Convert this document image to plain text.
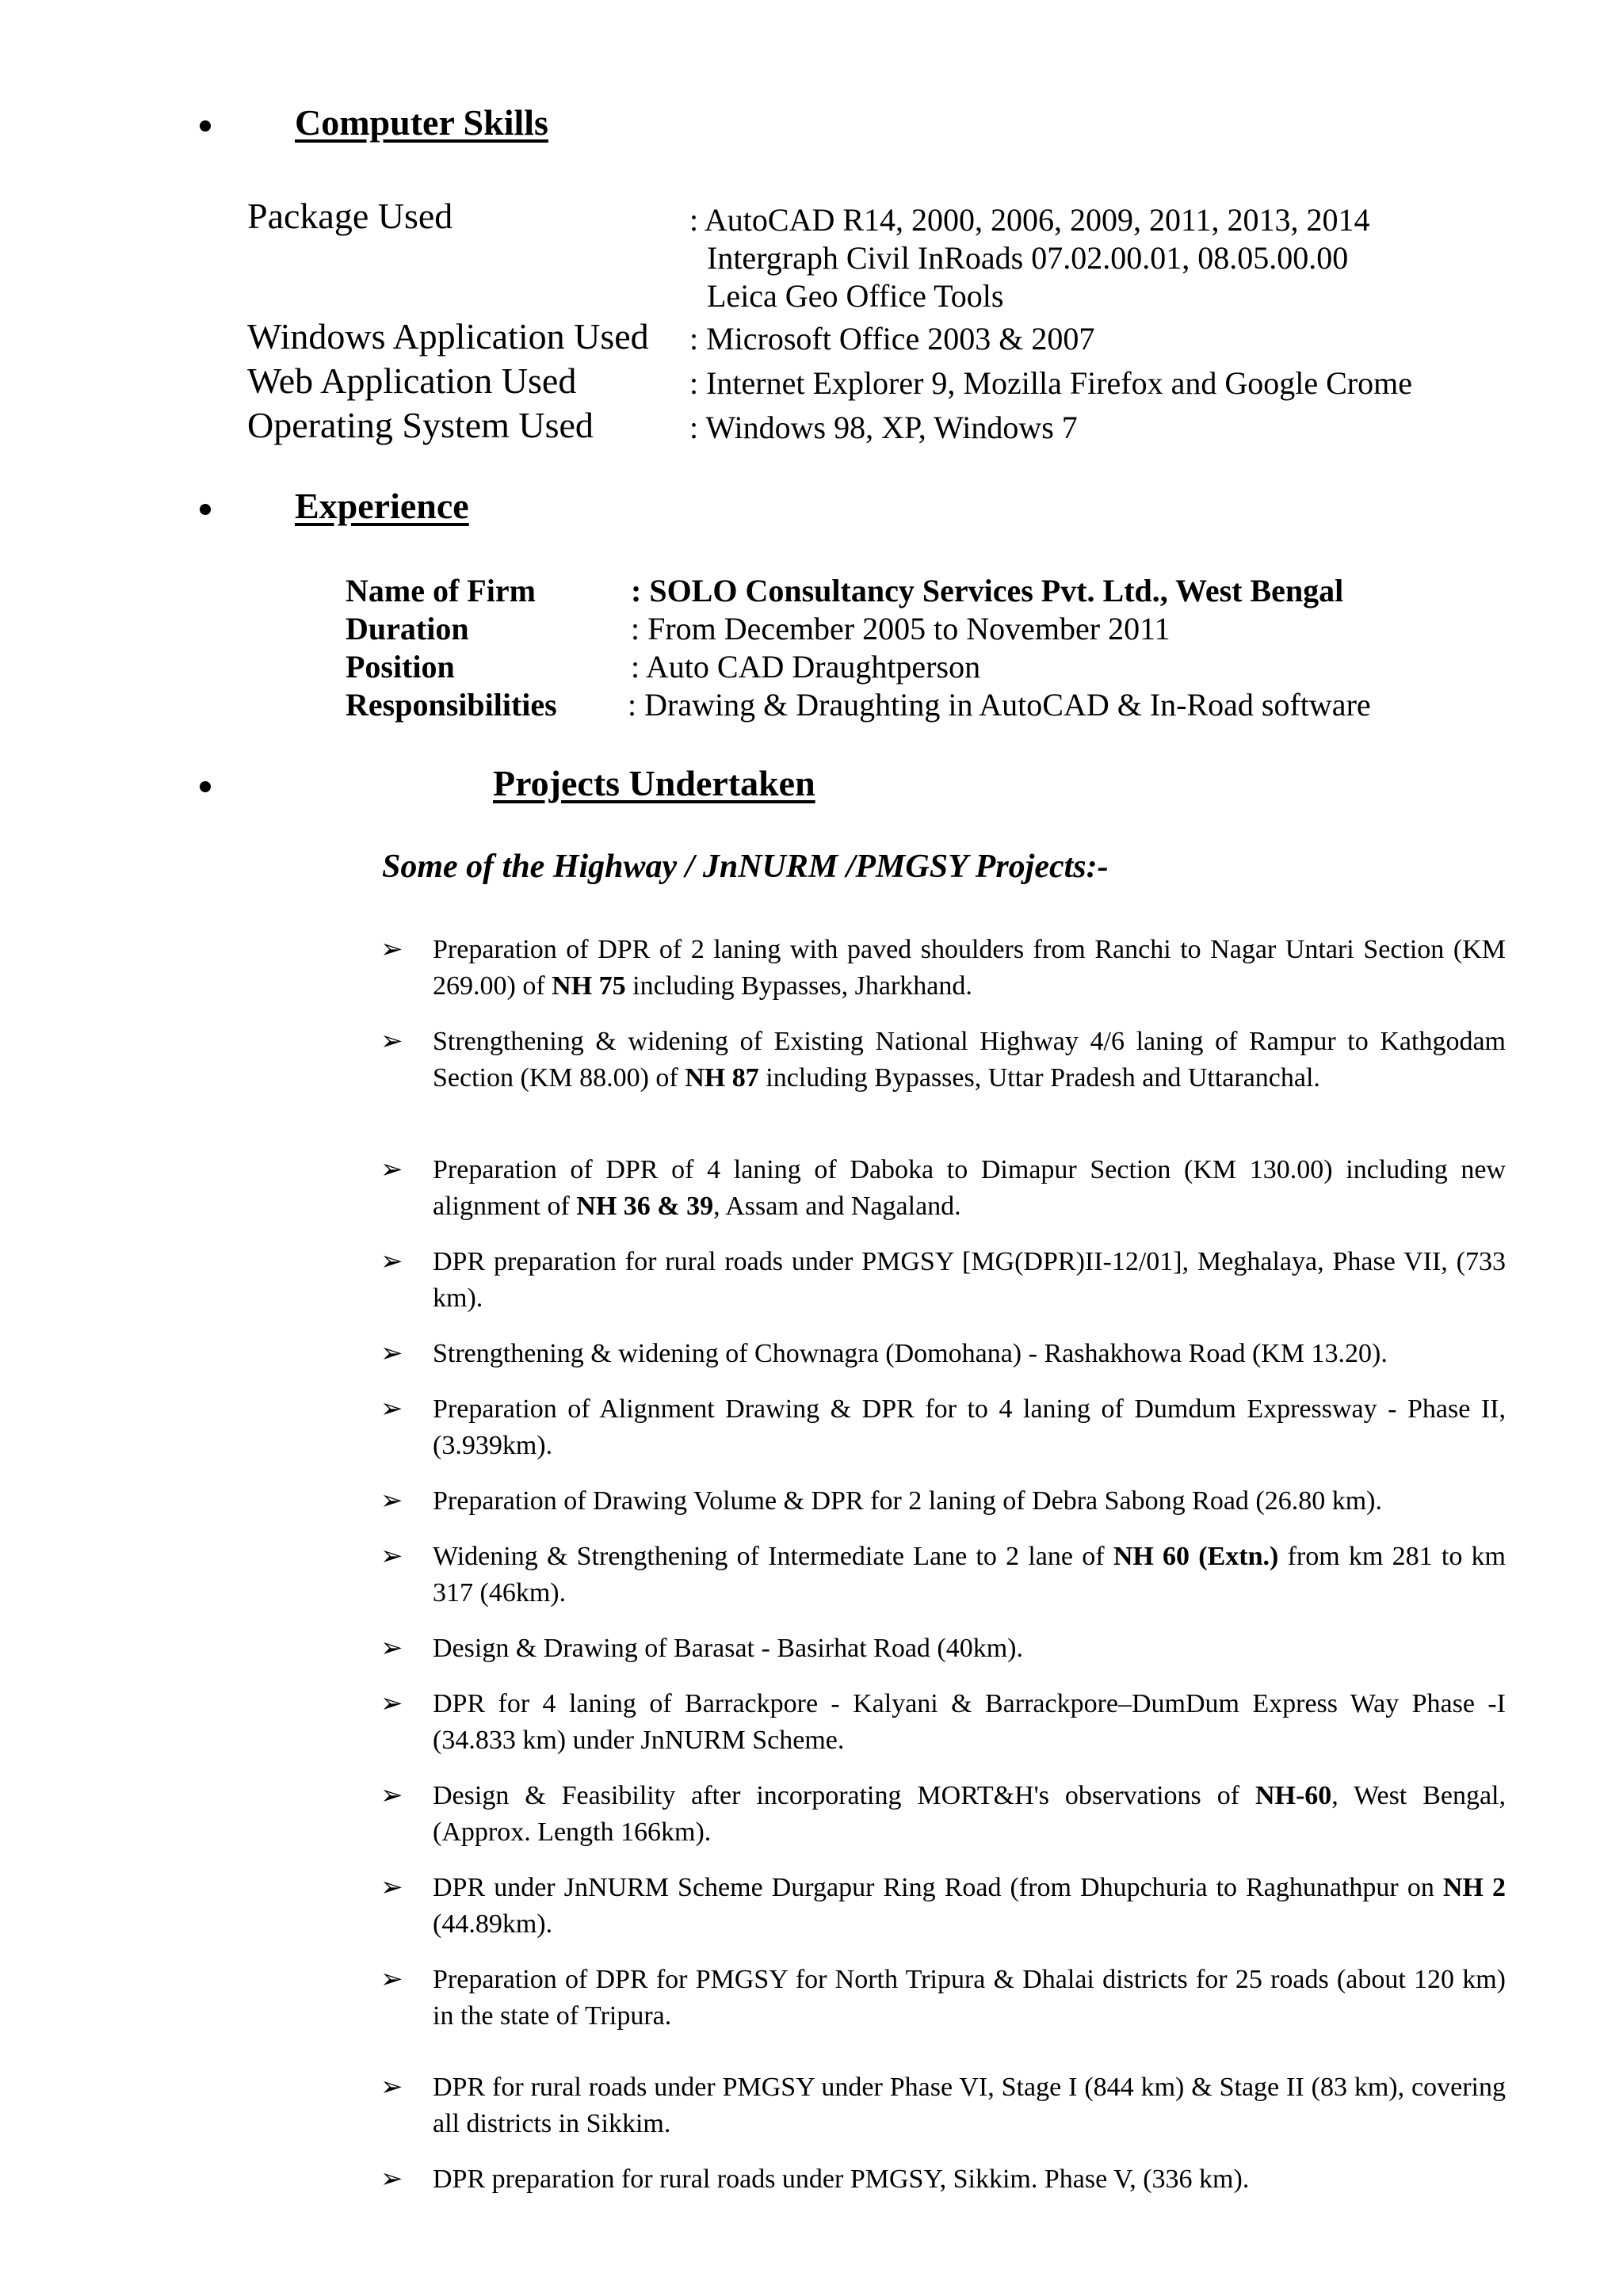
Computer Skills
Package Used	: AutoCAD R14, 2000, 2006, 2009, 2011, 2013, 2014
Intergraph Civil InRoads 07.02.00.01, 08.05.00.00
Leica Geo Office Tools
Windows Application Used : Microsoft Office 2003 & 2007
Web Application Used	: Internet Explorer 9, Mozilla Firefox and Google Crome
Operating System Used	: Windows 98, XP, Windows 7
Experience
Name of Firm	: SOLO Consultancy Services Pvt. Ltd., West Bengal
Duration	: From December 2005 to November 2011
Position	: Auto CAD Draughtperson
Responsibilities : Drawing & Draughting in AutoCAD & In-Road software
Projects Undertaken
Some of the Highway / JnNURM /PMGSY Projects:-
➢	Preparation of DPR of 2 laning with paved shoulders from Ranchi to Nagar Untari Section (KM 269.00) of NH 75 including Bypasses, Jharkhand.
➢	Strengthening & widening of Existing National Highway 4/6 laning of Rampur to Kathgodam Section (KM 88.00) of NH 87 including Bypasses, Uttar Pradesh and Uttaranchal.
➢	Preparation of DPR of 4 laning of Daboka to Dimapur Section (KM 130.00) including new alignment of NH 36 & 39, Assam and Nagaland.
➢	DPR preparation for rural roads under PMGSY [MG(DPR)II-12/01], Meghalaya, Phase VII, (733 km).
➢	Strengthening & widening of Chownagra (Domohana) - Rashakhowa Road (KM 13.20).
➢	Preparation of Alignment Drawing & DPR for to 4 laning of Dumdum Expressway - Phase II, (3.939km).
➢	Preparation of Drawing Volume & DPR for 2 laning of Debra Sabong Road (26.80 km).
➢	Widening & Strengthening of Intermediate Lane to 2 lane of NH 60 (Extn.) from km 281 to km 317 (46km).
➢	Design & Drawing of Barasat - Basirhat Road (40km).
➢	DPR for 4 laning of Barrackpore - Kalyani & Barrackpore–DumDum Express Way Phase -I (34.833 km) under JnNURM Scheme.
➢	Design & Feasibility after incorporating MORT&H's observations of NH-60, West Bengal, (Approx. Length 166km).
➢	DPR under JnNURM Scheme Durgapur Ring Road (from Dhupchuria to Raghunathpur on NH 2 (44.89km).
➢	Preparation of DPR for PMGSY for North Tripura & Dhalai districts for 25 roads (about 120 km) in the state of Tripura.
➢	DPR for rural roads under PMGSY under Phase VI, Stage I (844 km) & Stage II (83 km), covering all districts in Sikkim.
➢	DPR preparation for rural roads under PMGSY, Sikkim. Phase V, (336 km).
